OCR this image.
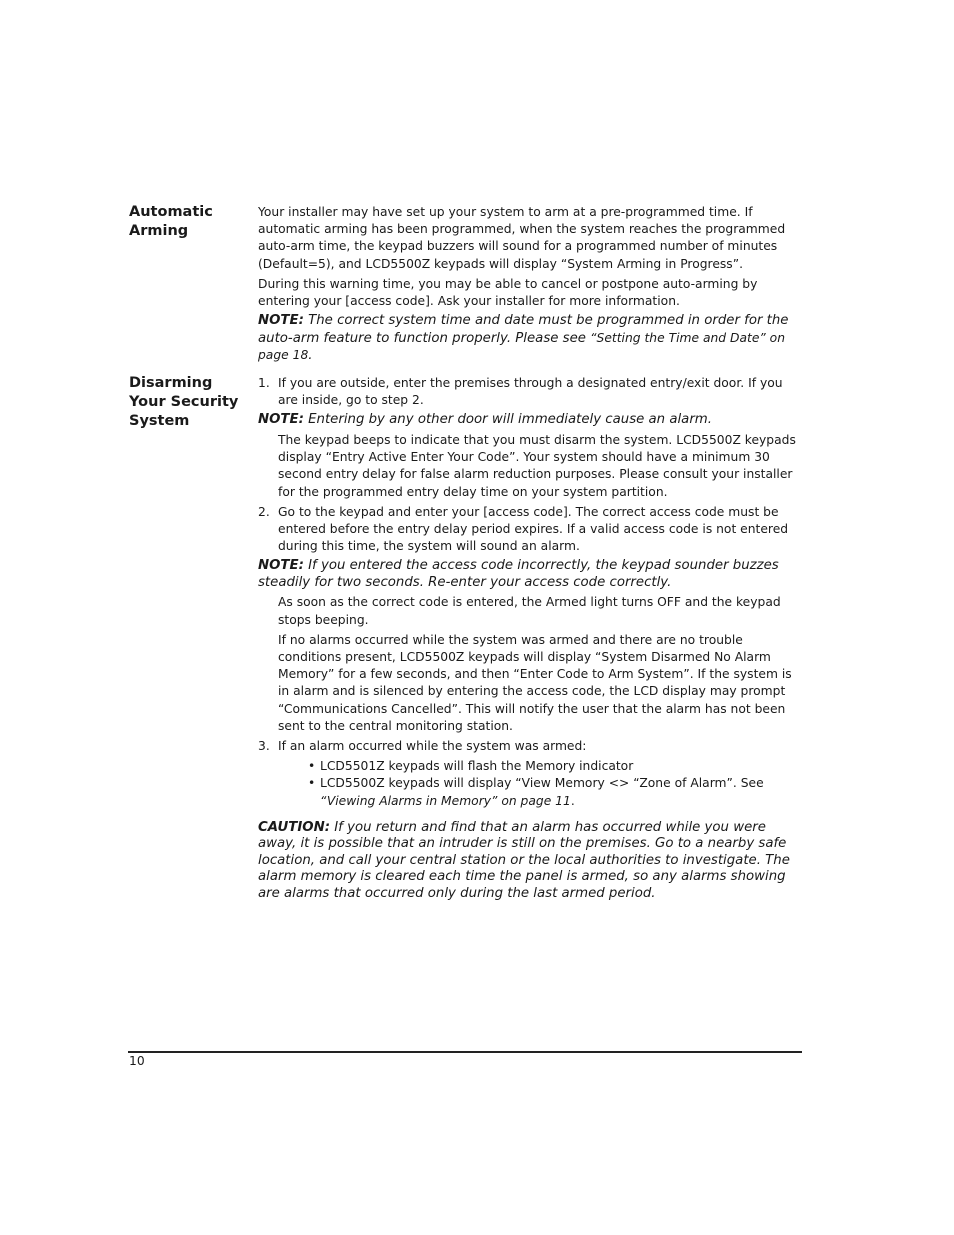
Automatic Arming

Your installer may have set up your system to arm at a pre-programmed time. If automatic arming has been programmed, when the system reaches the programmed auto-arm time, the keypad buzzers will sound for a programmed number of minutes (Default=5), and LCD5500Z keypads will display “System Arming in Progress”.

During this warning time, you may be able to cancel or postpone auto-arming by entering your [access code]. Ask your installer for more information.

NOTE: The correct system time and date must be programmed in order for the auto-arm feature to function properly. Please see “Setting the Time and Date” on page 18.

Disarming Your Security System
1. If you are outside, enter the premises through a designated entry/exit door. If you are inside, go to step 2.

NOTE: Entering by any other door will immediately cause an alarm.

The keypad beeps to indicate that you must disarm the system. LCD5500Z keypads display “Entry Active Enter Your Code”. Your system should have a minimum 30 second entry delay for false alarm reduction purposes. Please consult your installer for the programmed entry delay time on your system partition.

2. Go to the keypad and enter your [access code]. The correct access code must be entered before the entry delay period expires. If a valid access code is not entered during this time, the system will sound an alarm.

NOTE: If you entered the access code incorrectly, the keypad sounder buzzes steadily for two seconds. Re-enter your access code correctly.

As soon as the correct code is entered, the Armed light turns OFF and the keypad stops beeping.

If no alarms occurred while the system was armed and there are no trouble conditions present, LCD5500Z keypads will display “System Disarmed No Alarm Memory” for a few seconds, and then “Enter Code to Arm System”. If the system is in alarm and is silenced by entering the access code, the LCD display may prompt “Communications Cancelled”. This will notify the user that the alarm has not been sent to the central monitoring station.

3. If an alarm occurred while the system was armed:
• LCD5501Z keypads will flash the Memory indicator
• LCD5500Z keypads will display “View Memory <> “Zone of Alarm”. See “Viewing Alarms in Memory” on page 11.

CAUTION: If you return and find that an alarm has occurred while you were away, it is possible that an intruder is still on the premises. Go to a nearby safe location, and call your central station or the local authorities to investigate. The alarm memory is cleared each time the panel is armed, so any alarms showing are alarms that occurred only during the last armed period.

10
